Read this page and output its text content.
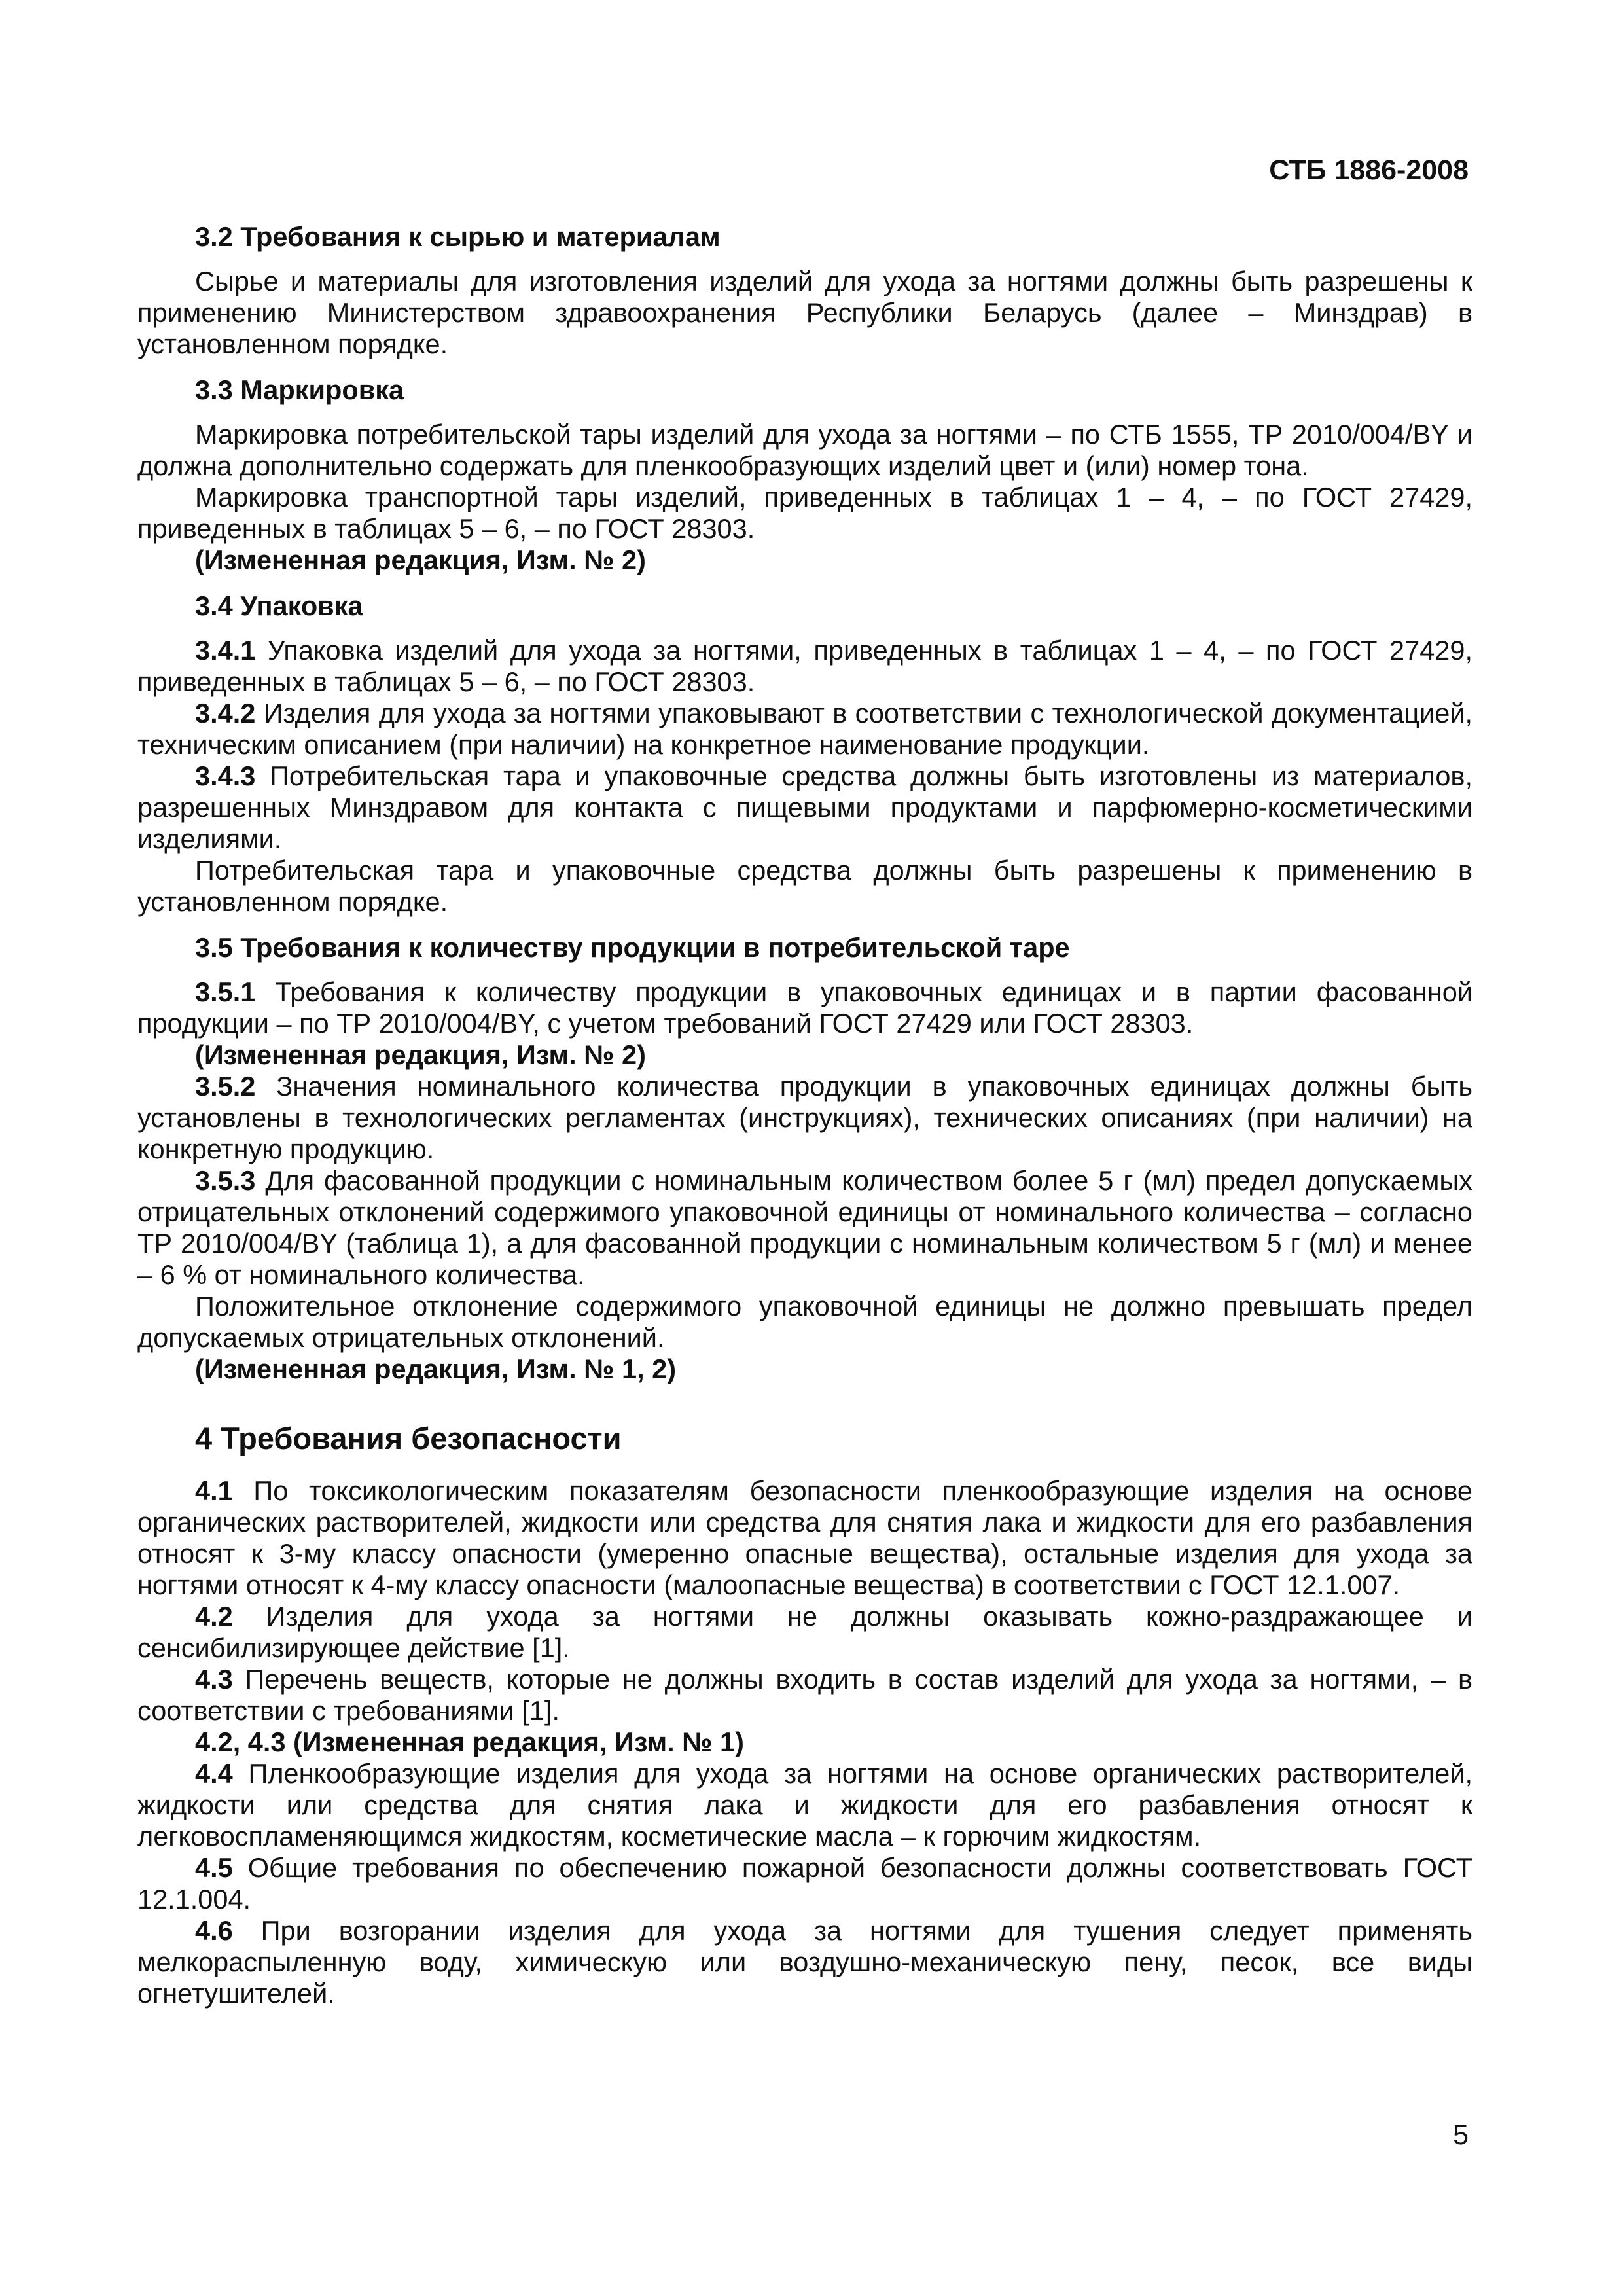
СТБ 1886-2008
3.2 Требования к сырью и материалам

Сырье и материалы для изготовления изделий для ухода за ногтями должны быть разрешены к применению Министерством здравоохранения Республики Беларусь (далее – Минздрав) в установленном порядке.

3.3 Маркировка

Маркировка потребительской тары изделий для ухода за ногтями – по СТБ 1555, ТР 2010/004/BY и должна дополнительно содержать для пленкообразующих изделий цвет и (или) номер тона.

Маркировка транспортной тары изделий, приведенных в таблицах 1 – 4, – по ГОСТ 27429, приведенных в таблицах 5 – 6, – по ГОСТ 28303.

(Измененная редакция, Изм. № 2)
3.4 Упаковка

3.4.1 Упаковка изделий для ухода за ногтями, приведенных в таблицах 1 – 4, – по ГОСТ 27429, приведенных в таблицах 5 – 6, – по ГОСТ 28303.

3.4.2 Изделия для ухода за ногтями упаковывают в соответствии с технологической документацией, техническим описанием (при наличии) на конкретное наименование продукции.

3.4.3 Потребительская тара и упаковочные средства должны быть изготовлены из материалов, разрешенных Минздравом для контакта с пищевыми продуктами и парфюмерно-косметическими изделиями.

Потребительская тара и упаковочные средства должны быть разрешены к применению в установленном порядке.

3.5 Требования к количеству продукции в потребительской таре

3.5.1 Требования к количеству продукции в упаковочных единицах и в партии фасованной продукции – по ТР 2010/004/BY, с учетом требований ГОСТ 27429 или ГОСТ 28303.

(Измененная редакция, Изм. № 2)

3.5.2 Значения номинального количества продукции в упаковочных единицах должны быть установлены в технологических регламентах (инструкциях), технических описаниях (при наличии) на конкретную продукцию.

3.5.3 Для фасованной продукции с номинальным количеством более 5 г (мл) предел допускаемых отрицательных отклонений содержимого упаковочной единицы от номинального количества – согласно ТР 2010/004/BY (таблица 1), а для фасованной продукции с номинальным количеством 5 г (мл) и менее – 6 % от номинального количества.

Положительное отклонение содержимого упаковочной единицы не должно превышать предел допускаемых отрицательных отклонений.

(Измененная редакция, Изм. № 1, 2)
4 Требования безопасности

4.1 По токсикологическим показателям безопасности пленкообразующие изделия на основе органических растворителей, жидкости или средства для снятия лака и жидкости для его разбавления относят к 3-му классу опасности (умеренно опасные вещества), остальные изделия для ухода за ногтями относят к 4-му классу опасности (малоопасные вещества) в соответствии с ГОСТ 12.1.007.

4.2 Изделия для ухода за ногтями не должны оказывать кожно-раздражающее и сенсибилизирующее действие [1].

4.3 Перечень веществ, которые не должны входить в состав изделий для ухода за ногтями, – в соответствии с требованиями [1].

4.2, 4.3 (Измененная редакция, Изм. № 1)

4.4 Пленкообразующие изделия для ухода за ногтями на основе органических растворителей, жидкости или средства для снятия лака и жидкости для его разбавления относят к легковоспламеняющимся жидкостям, косметические масла – к горючим жидкостям.

4.5 Общие требования по обеспечению пожарной безопасности должны соответствовать ГОСТ 12.1.004.

4.6 При возгорании изделия для ухода за ногтями для тушения следует применять мелкораспыленную воду, химическую или воздушно-механическую пену, песок, все виды огнетушителей.

5
